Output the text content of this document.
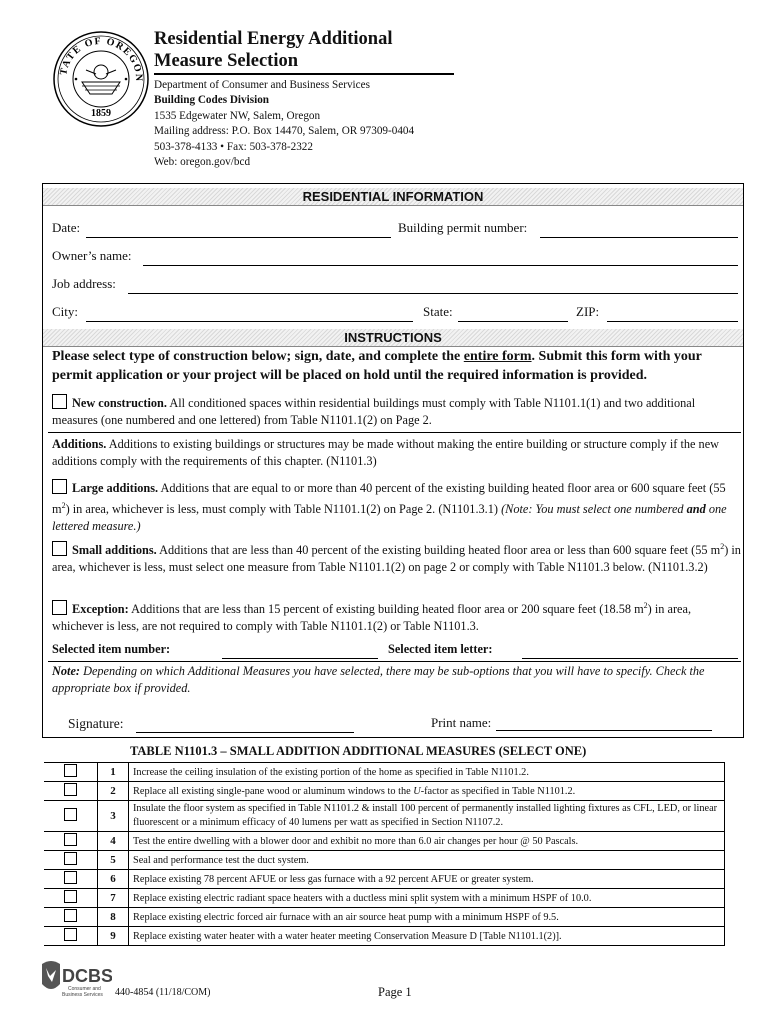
TATE OF OREGON
1859
Residential Energy Additional
Measure Selection
Department of Consumer and Business Services
Building Codes Division
1535 Edgewater NW, Salem, Oregon
Mailing address: P.O. Box 14470, Salem, OR 97309-0404
503-378-4133 • Fax: 503-378-2322
Web: oregon.gov/bcd
RESIDENTIAL INFORMATION
Date:	Building permit number:
Owner’s name:
Job address:
City:	State:	ZIP:
INSTRUCTIONS
Please select type of construction below; sign, date, and complete the entire form. Submit this form with your permit application or your project will be placed on hold until the required information is provided.
New construction. All conditioned spaces within residential buildings must comply with Table N1101.1(1) and two additional measures (one numbered and one lettered) from Table N1101.1(2) on Page 2.
Additions. Additions to existing buildings or structures may be made without making the entire building or structure comply if the new additions comply with the requirements of this chapter. (N1101.3)
Large additions. Additions that are equal to or more than 40 percent of the existing building heated floor area or 600 square feet (55 $m^2$) in area, whichever is less, must comply with Table N1101.1(2) on Page 2. (N1101.3.1) (Note: You must select one numbered and one lettered measure.)
Small additions. Additions that are less than 40 percent of the existing building heated floor area or less than 600 square feet (55 $m^2$) in area, whichever is less, must select one measure from Table N1101.1(2) on page 2 or comply with Table N1101.3 below. (N1101.3.2)
Exception: Additions that are less than 15 percent of existing building heated floor area or 200 square feet (18.58 $m^2$) in area, whichever is less, are not required to comply with Table N1101.1(2) or Table N1101.3.
Selected item number:	Selected item letter:
Note: Depending on which Additional Measures you have selected, there may be sub-options that you will have to specify. Check the appropriate box if provided.
Signature:	Print name:
TABLE N1101.3 – SMALL ADDITION ADDITIONAL MEASURES (SELECT ONE)
	1	Increase the ceiling insulation of the existing portion of the home as specified in Table N1101.2.
	2	Replace all existing single-pane wood or aluminum windows to the U-factor as specified in Table N1101.2.
	3	Insulate the floor system as specified in Table N1101.2 & install 100 percent of permanently installed lighting fixtures as CFL, LED, or linear fluorescent or a minimum efficacy of 40 lumens per watt as specified in Section N1107.2.
	4	Test the entire dwelling with a blower door and exhibit no more than 6.0 air changes per hour @ 50 Pascals.
	5	Seal and performance test the duct system.
	6	Replace existing 78 percent AFUE or less gas furnace with a 92 percent AFUE or greater system.
	7	Replace existing electric radiant space heaters with a ductless mini split system with a minimum HSPF of 10.0.
	8	Replace existing electric forced air furnace with an air source heat pump with a minimum HSPF of 9.5.
	9	Replace existing water heater with a water heater meeting Conservation Measure D [Table N1101.1(2)].
DCBS
Consumer and
Business Services 440-4854 (11/18/COM)	Page 1
